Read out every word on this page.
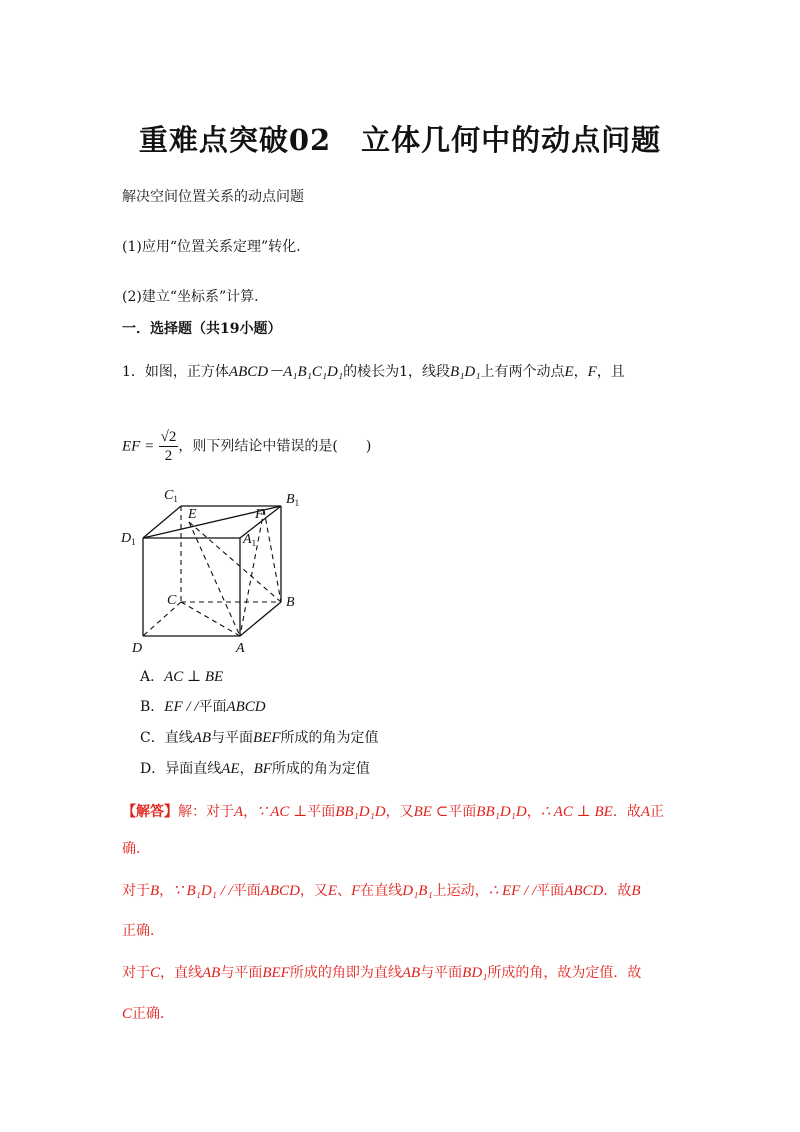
重难点突破02　立体几何中的动点问题
解决空间位置关系的动点问题
(1)应用“位置关系定理”转化.
(2)建立“坐标系”计算.
一．选择题（共19小题）
1．如图，正方体ABCD－A₁B₁C₁D₁的棱长为1，线段B₁D₁上有两个动点E，F，且
EF = $\frac{√2}{2}$ ，则下列结论中错误的是(　　)
$C_1$	$B_1$
$D_1$	$A_1$
E	F
C	B
D	A
A．AC ⊥ BE
B．EF / /平面ABCD
C．直线AB与平面BEF所成的角为定值
D．异面直线AE，BF所成的角为定值
【解答】解：对于A，∵ AC ⊥平面BB₁D₁D，又BE ⊂平面BB₁D₁D，∴ AC ⊥ BE．故A正
确．
对于B，∵ B₁D₁ / /平面ABCD，又E、F在直线D₁B₁上运动，∴ EF / /平面ABCD．故B
正确．
对于C，直线AB与平面BEF所成的角即为直线AB与平面BD₁所成的角，故为定值．故
C正确．
